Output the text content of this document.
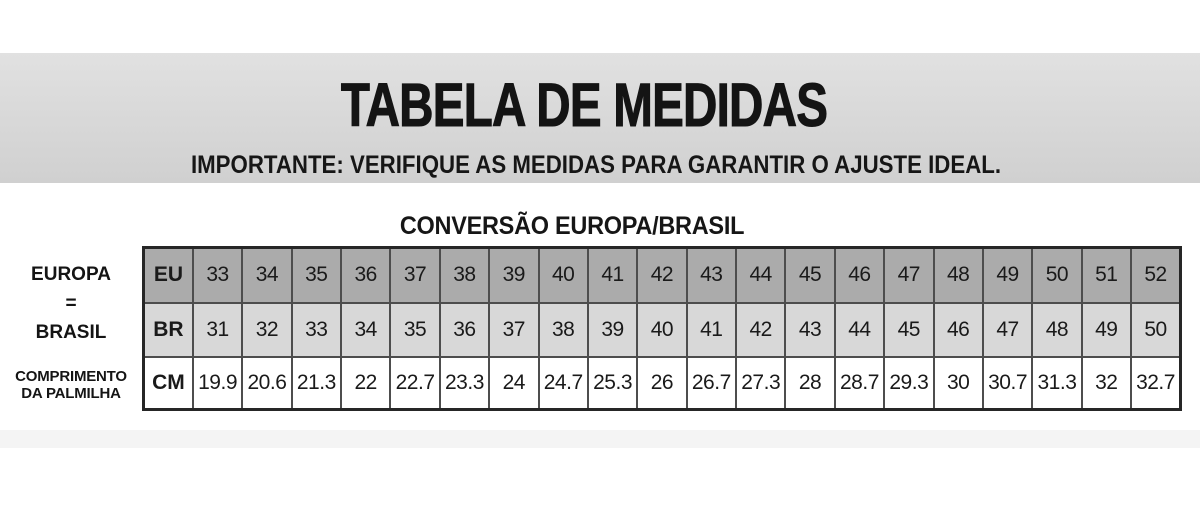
TABELA DE MEDIDAS
IMPORTANTE: VERIFIQUE AS MEDIDAS PARA GARANTIR O AJUSTE IDEAL.
CONVERSÃO EUROPA/BRASIL
EUROPA
=
BRASIL
COMPRIMENTO
DA PALMILHA
EU	33	34	35	36	37	38	39	40	41	42	43	44	45	46	47	48	49	50	51	52
BR	31	32	33	34	35	36	37	38	39	40	41	42	43	44	45	46	47	48	49	50
CM	19.9	20.6	21.3	22	22.7	23.3	24	24.7	25.3	26	26.7	27.3	28	28.7	29.3	30	30.7	31.3	32	32.7
